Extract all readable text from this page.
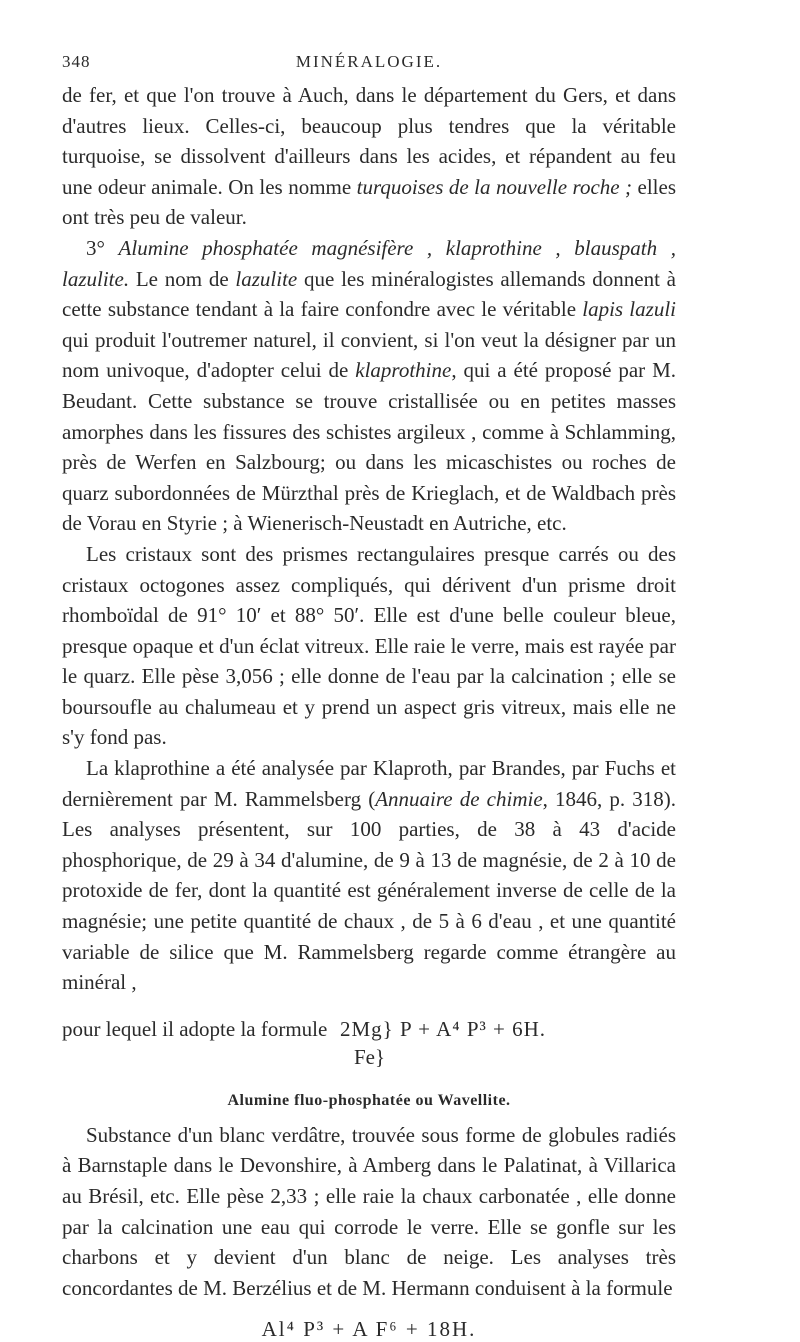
348	MINÉRALOGIE.

de fer, et que l'on trouve à Auch, dans le département du Gers, et dans d'autres lieux. Celles-ci, beaucoup plus tendres que la véritable turquoise, se dissolvent d'ailleurs dans les acides, et répandent au feu une odeur animale. On les nomme turquoises de la nouvelle roche ; elles ont très peu de valeur.

3° Alumine phosphatée magnésifère , klaprothine , blauspath , lazulite. Le nom de lazulite que les minéralogistes allemands donnent à cette substance tendant à la faire confondre avec le véritable lapis lazuli qui produit l'outremer naturel, il convient, si l'on veut la désigner par un nom univoque, d'adopter celui de klaprothine, qui a été proposé par M. Beudant. Cette substance se trouve cristallisée ou en petites masses amorphes dans les fissures des schistes argileux , comme à Schlamming, près de Werfen en Salzbourg; ou dans les micaschistes ou roches de quarz subordonnées de Mürzthal près de Krieglach, et de Waldbach près de Vorau en Styrie ; à Wienerisch-Neustadt en Autriche, etc.

Les cristaux sont des prismes rectangulaires presque carrés ou des cristaux octogones assez compliqués, qui dérivent d'un prisme droit rhomboïdal de 91° 10′ et 88° 50′. Elle est d'une belle couleur bleue, presque opaque et d'un éclat vitreux. Elle raie le verre, mais est rayée par le quarz. Elle pèse 3,056 ; elle donne de l'eau par la calcination ; elle se boursoufle au chalumeau et y prend un aspect gris vitreux, mais elle ne s'y fond pas.

La klaprothine a été analysée par Klaproth, par Brandes, par Fuchs et dernièrement par M. Rammelsberg (Annuaire de chimie, 1846, p. 318). Les analyses présentent, sur 100 parties, de 38 à 43 d'acide phosphorique, de 29 à 34 d'alumine, de 9 à 13 de magnésie, de 2 à 10 de protoxide de fer, dont la quantité est généralement inverse de celle de la magnésie; une petite quantité de chaux , de 5 à 6 d'eau , et une quantité variable de silice que M. Rammelsberg regarde comme étrangère au minéral ,

pour lequel il adopte la formule 2Mg} P + A⁴ P³ + 6H.
Fe}
Alumine fluo-phosphatée ou Wavellite.

Substance d'un blanc verdâtre, trouvée sous forme de globules radiés à Barnstaple dans le Devonshire, à Amberg dans le Palatinat, à Villarica au Brésil, etc. Elle pèse 2,33 ; elle raie la chaux carbonatée , elle donne par la calcination une eau qui corrode le verre. Elle se gonfle sur les charbons et y devient d'un blanc de neige. Les analyses très concordantes de M. Berzélius et de M. Hermann conduisent à la formule

Al⁴ P³ + A F⁶ + 18H.
